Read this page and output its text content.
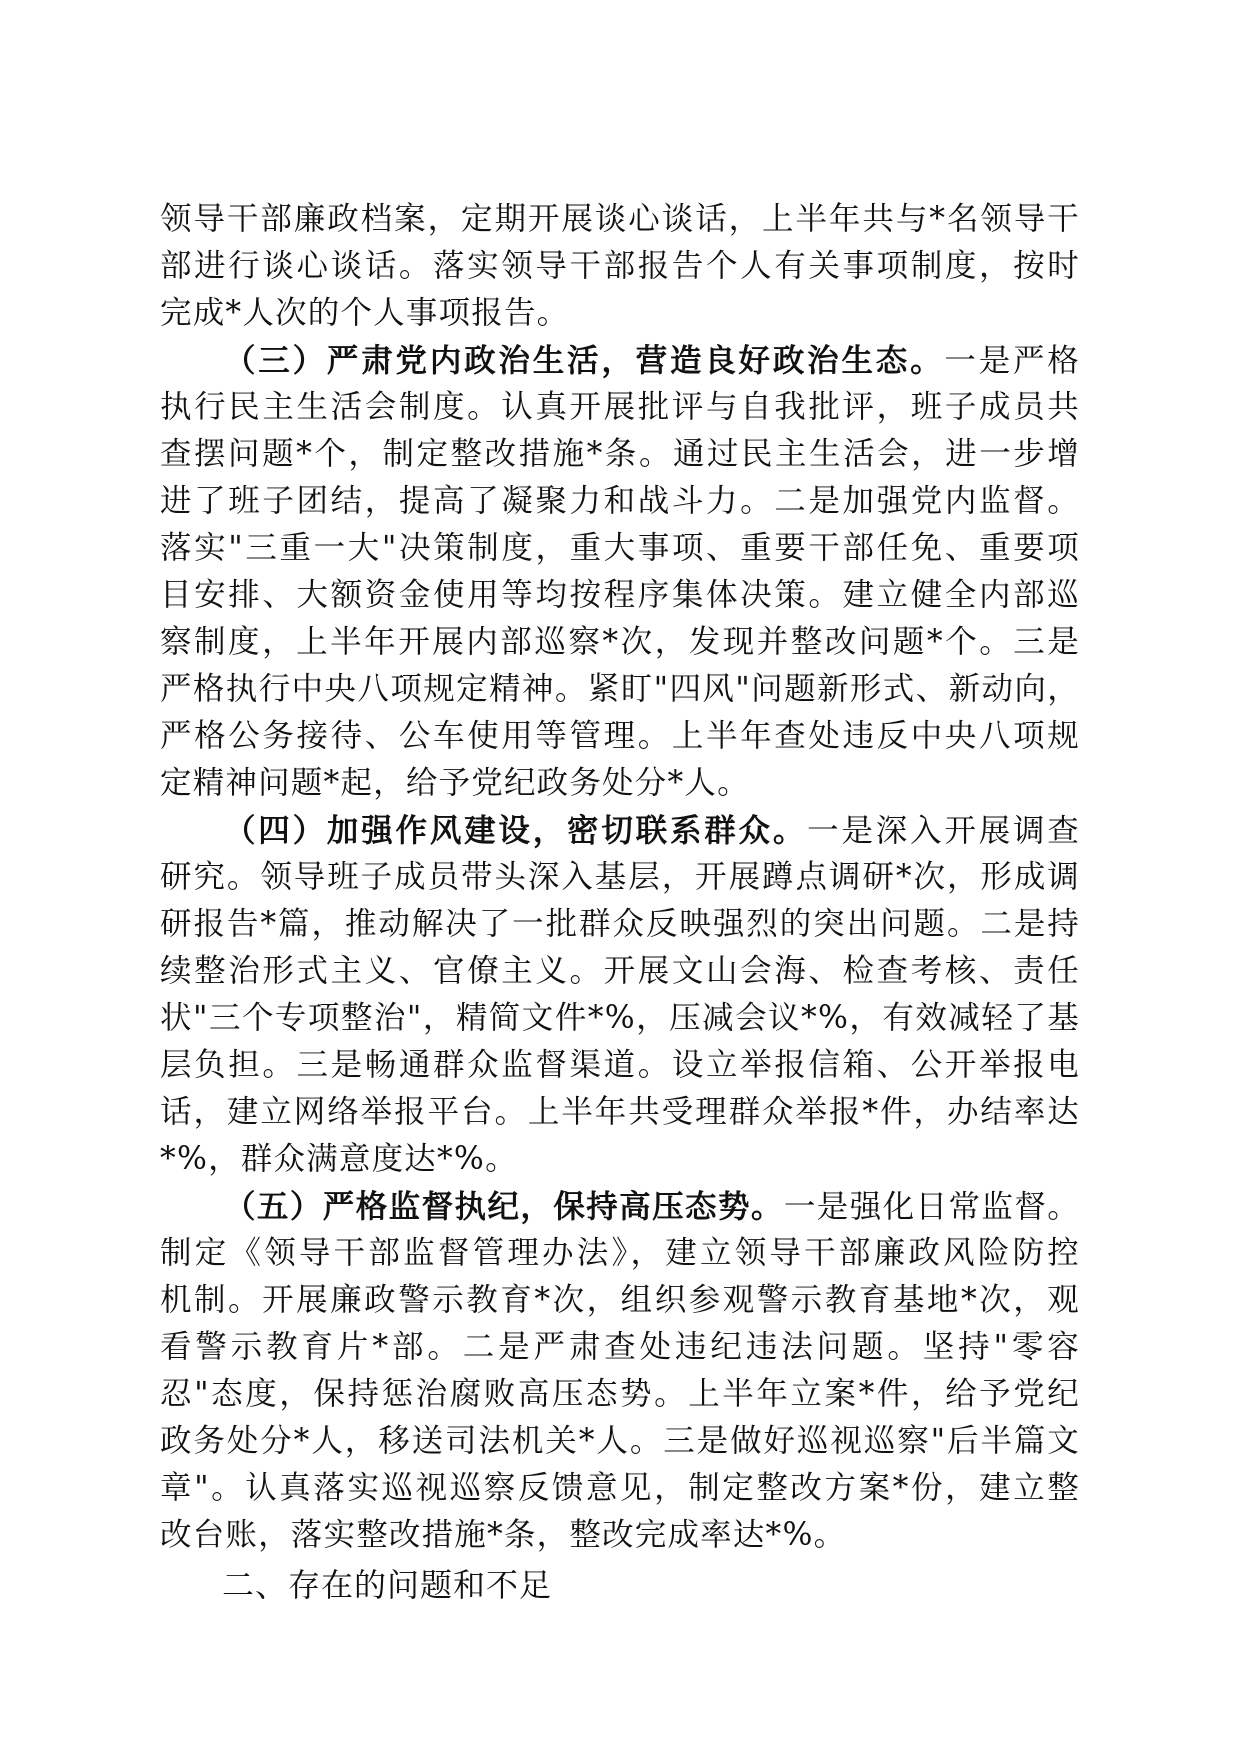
领导干部廉政档案，定期开展谈心谈话，上半年共与*名领导干
部进行谈心谈话。落实领导干部报告个人有关事项制度，按时
完成*人次的个人事项报告。
（三）严肃党内政治生活，营造良好政治生态。一是严格
执行民主生活会制度。认真开展批评与自我批评，班子成员共
查摆问题*个，制定整改措施*条。通过民主生活会，进一步增
进了班子团结，提高了凝聚力和战斗力。二是加强党内监督。
落实"三重一大"决策制度，重大事项、重要干部任免、重要项
目安排、大额资金使用等均按程序集体决策。建立健全内部巡
察制度，上半年开展内部巡察*次，发现并整改问题*个。三是
严格执行中央八项规定精神。紧盯"四风"问题新形式、新动向，
严格公务接待、公车使用等管理。上半年查处违反中央八项规
定精神问题*起，给予党纪政务处分*人。
（四）加强作风建设，密切联系群众。一是深入开展调查
研究。领导班子成员带头深入基层，开展蹲点调研*次，形成调
研报告*篇，推动解决了一批群众反映强烈的突出问题。二是持
续整治形式主义、官僚主义。开展文山会海、检查考核、责任
状"三个专项整治"，精简文件*%，压减会议*%，有效减轻了基
层负担。三是畅通群众监督渠道。设立举报信箱、公开举报电
话，建立网络举报平台。上半年共受理群众举报*件，办结率达
*%，群众满意度达*%。
（五）严格监督执纪，保持高压态势。一是强化日常监督。
制定《领导干部监督管理办法》，建立领导干部廉政风险防控
机制。开展廉政警示教育*次，组织参观警示教育基地*次，观
看警示教育片*部。二是严肃查处违纪违法问题。坚持"零容
忍"态度，保持惩治腐败高压态势。上半年立案*件，给予党纪
政务处分*人，移送司法机关*人。三是做好巡视巡察"后半篇文
章"。认真落实巡视巡察反馈意见，制定整改方案*份，建立整
改台账，落实整改措施*条，整改完成率达*%。
二、存在的问题和不足
